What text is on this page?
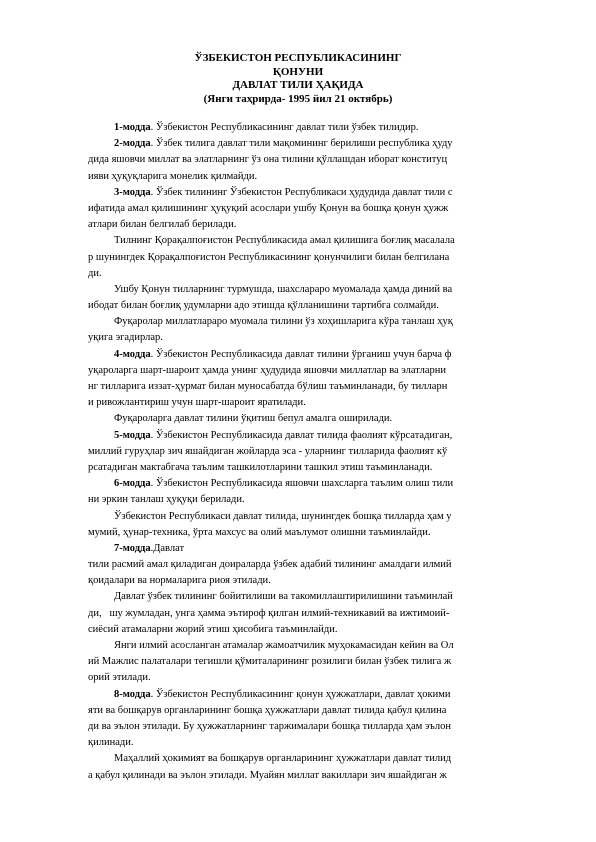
ЎЗБЕКИСТОН РЕСПУБЛИКАСИНИНГ
ҚОНУНИ
ДАВЛАТ ТИЛИ ҲАҚИДА
(Янги таҳрирда- 1995 йил 21 октябрь)
1-модда. Ўзбекистон Республикасининг давлат тили ўзбек тилидир.
2-модда. Ўзбек тилига давлат тили мақомининг берилиши республика ҳуду
дида яшовчи миллат ва элатларнинг ўз она тилини қўллашдан иборат конституц
ияви ҳуқуқларига монелик қилмайди.
3-модда. Ўзбек тилининг Ўзбекистон Республикаси ҳудудида давлат тили с
ифатида амал қилишининг ҳуқуқий асослари ушбу Қонун ва бошқа қонун ҳужж
атлари билан белгилаб берилади.
Тилнинг Қорақалпоғистон Республикасида амал қилишига боғлиқ масалала
р шунингдек Қорақалпоғистон Республикасининг қонунчилиги билан белгилана
ди.
Ушбу Қонун тилларнинг турмушда, шахслараро муомалада ҳамда диний ва
ибодат билан боғлиқ удумларни адо этишда қўлланишини тартибга солмайди.
Фуқаролар миллатлараро муомала тилини ўз хоҳишларига кўра танлаш ҳуқ
уқига эгадирлар.
4-модда. Ўзбекистон Республикасида давлат тилини ўрганиш учун барча ф
уқароларга шарт-шароит ҳамда унинг ҳудудида яшовчи миллатлар ва элатларни
нг тилларига иззат-ҳурмат билан муносабатда бўлиш таъминланади, бу тилларн
и ривожлантириш учун шарт-шароит яратилади.
Фуқароларга давлат тилини ўқитиш бепул амалга оширилади.
5-модда. Ўзбекистон Республикасида давлат тилида фаолият кўрсатадиган,
миллий гуруҳлар зич яшайдиган жойларда эса - уларнинг тилларида фаолият кў
рсатадиган мактабгача таълим ташкилотларини ташкил этиш таъминланади.
6-модда. Ўзбекистон Республикасида яшовчи шахсларга таълим олиш тили
ни эркин танлаш ҳуқуқи берилади.
Ўзбекистон Республикаси давлат тилида, шунингдек бошқа тилларда ҳам у
мумий, ҳунар-техника, ўрта махсус ва олий маълумот олишни таъминлайди.
7-модда.Давлат
тили расмий амал қиладиган доираларда ўзбек адабий тилининг амалдаги илмий
қоидалари ва нормаларига риоя этилади.
Давлат ўзбек тилининг бойитилиши ва такомиллаштирилишини таъминлай
ди,   шу жумладан, унга ҳамма эътироф қилган илмий-техникавий ва ижтимоий-
сиёсий атамаларни жорий этиш ҳисобига таъминлайди.
Янги илмий асосланган атамалар жамоатчилик муҳокамасидан кейин ва Ол
ий Мажлис палаталари тегишли қўмиталарининг розилиги билан ўзбек тилига ж
орий этилади.
8-модда. Ўзбекистон Республикасининг қонун ҳужжатлари, давлат ҳокими
яти ва бошқарув органларининг бошқа ҳужжатлари давлат тилида қабул қилина
ди ва эълон этилади. Бу ҳужжатларнинг таржималари бошқа тилларда ҳам эълон
қилинади.
Маҳаллий ҳокимият ва бошқарув органларининг ҳужжатлари давлат тилид
а қабул қилинади ва эълон этилади. Муайян миллат вакиллари зич яшайдиган ж
